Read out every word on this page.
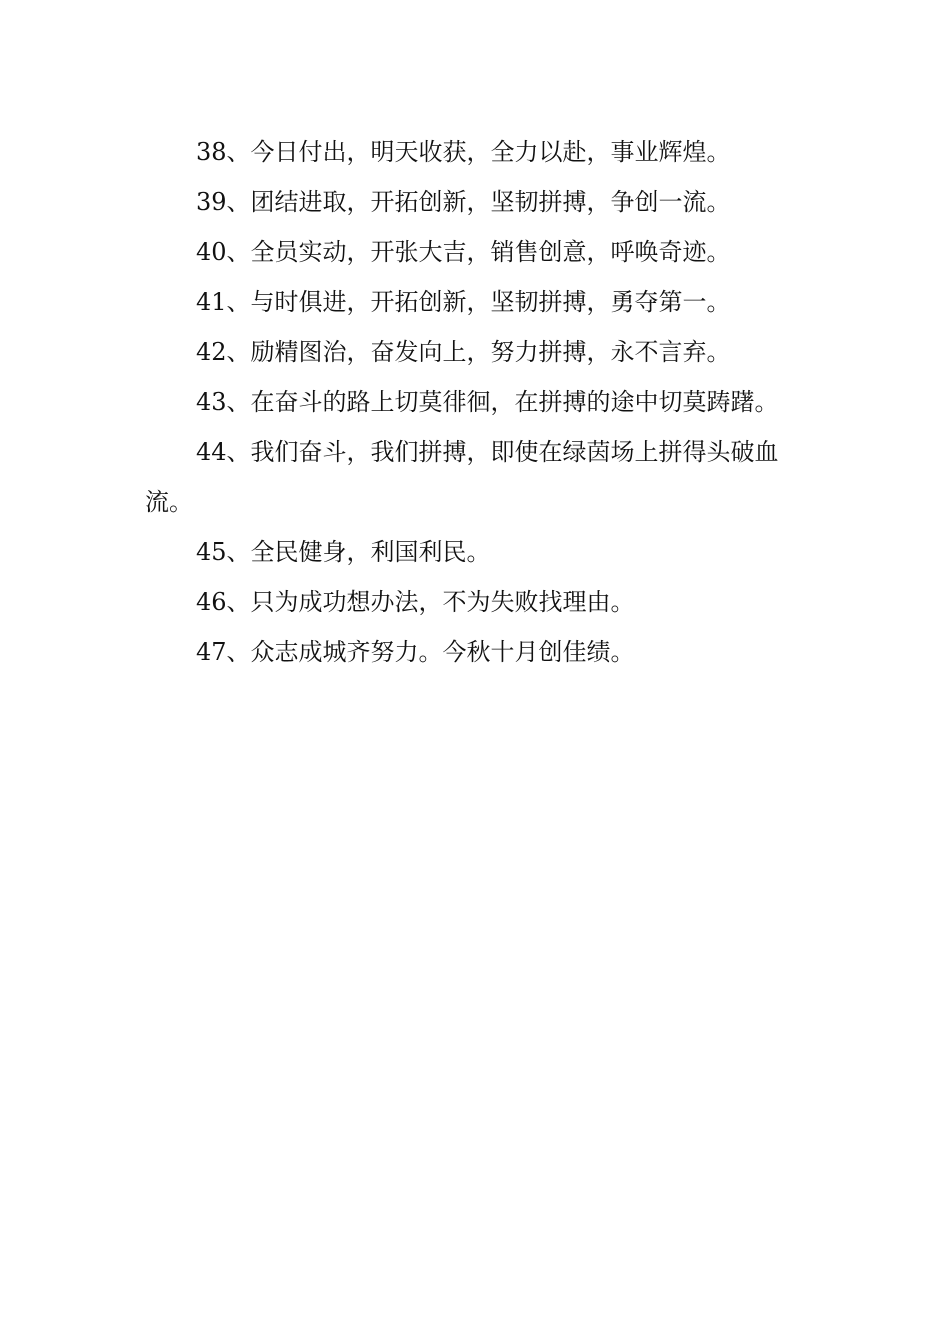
38、今日付出，明天收获，全力以赴，事业辉煌。

39、团结进取，开拓创新，坚韧拼搏，争创一流。

40、全员实动，开张大吉，销售创意，呼唤奇迹。

41、与时俱进，开拓创新，坚韧拼搏，勇夺第一。

42、励精图治，奋发向上，努力拼搏，永不言弃。

43、在奋斗的路上切莫徘徊，在拼搏的途中切莫踌躇。

44、我们奋斗，我们拼搏，即使在绿茵场上拼得头破血流。

45、全民健身，利国利民。

46、只为成功想办法，不为失败找理由。

47、众志成城齐努力。今秋十月创佳绩。
